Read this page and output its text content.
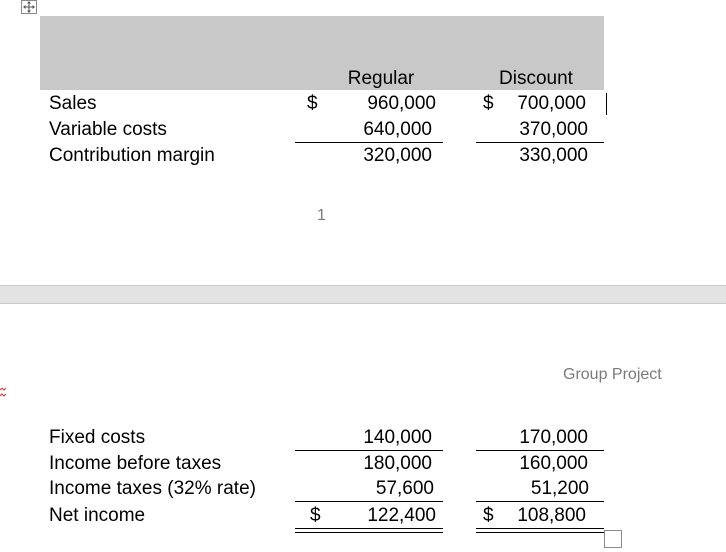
Regular	Discount
Sales	$	960,000 $	700,000
Variable costs	640,000	370,000
Contribution margin	320,000	330,000
1
Group Project
Fixed costs	140,000	170,000
Income before taxes	180,000	160,000
Income taxes (32% rate)	57,600	51,200
Net income	$	122,400 $	108,800
